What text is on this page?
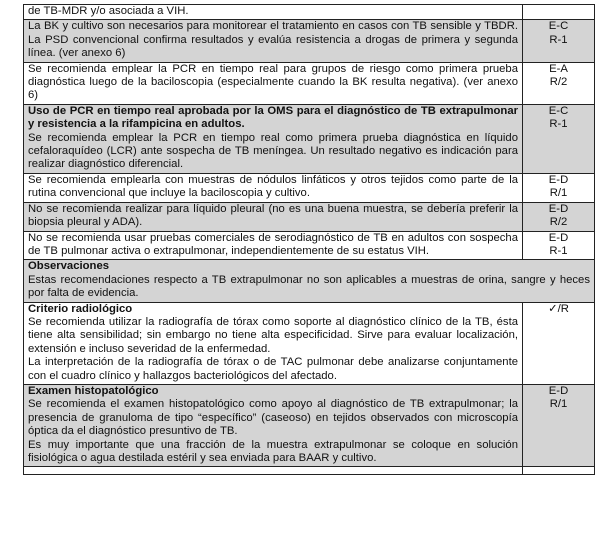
de TB-MDR y/o asociada a VIH.	

La BK y cultivo son necesarios para monitorear el tratamiento en casos con TB sensible y TBDR. La PSD convencional confirma resultados y evalúa resistencia a drogas de primera y segunda línea. (ver anexo 6)	E-C
R-1

Se recomienda emplear la PCR en tiempo real para grupos de riesgo como primera prueba diagnóstica luego de la baciloscopia (especialmente cuando la BK resulta negativa). (ver anexo 6)	E-A
R/2

Uso de PCR en tiempo real aprobada por la OMS para el diagnóstico de TB extrapulmonar y resistencia a la rifampicina en adultos.
Se recomienda emplear la PCR en tiempo real como primera prueba diagnóstica en líquido cefaloraquídeo (LCR) ante sospecha de TB meníngea. Un resultado negativo es indicación para realizar diagnóstico diferencial.	E-C
R-1

Se recomienda emplearla con muestras de nódulos linfáticos y otros tejidos como parte de la rutina convencional que incluye la baciloscopia y cultivo.	E-D
R/1

No se recomienda realizar para líquido pleural (no es una buena muestra, se debería preferir la biopsia pleural y ADA).	E-D
R/2

No se recomienda usar pruebas comerciales de serodiagnóstico de TB en adultos con sospecha de TB pulmonar activa o extrapulmonar, independientemente de su estatus VIH.	E-D
R-1

Observaciones
Estas recomendaciones respecto a TB extrapulmonar no son aplicables a muestras de orina, sangre y heces por falta de evidencia.	

Criterio radiológico
Se recomienda utilizar la radiografía de tórax como soporte al diagnóstico clínico de la TB, ésta tiene alta sensibilidad; sin embargo no tiene alta especificidad. Sirve para evaluar localización, extensión e incluso severidad de la enfermedad.
La interpretación de la radiografía de tórax o de TAC pulmonar debe analizarse conjuntamente con el cuadro clínico y hallazgos bacteriológicos del afectado.	✓/R

Examen histopatológico
Se recomienda el examen histopatológico como apoyo al diagnóstico de TB extrapulmonar; la presencia de granuloma de tipo “específico” (caseoso) en tejidos observados con microscopía óptica da el diagnóstico presuntivo de TB.
Es muy importante que una fracción de la muestra extrapulmonar se coloque en solución fisiológica o agua destilada estéril y sea enviada para BAAR y cultivo.	E-D
R/1
